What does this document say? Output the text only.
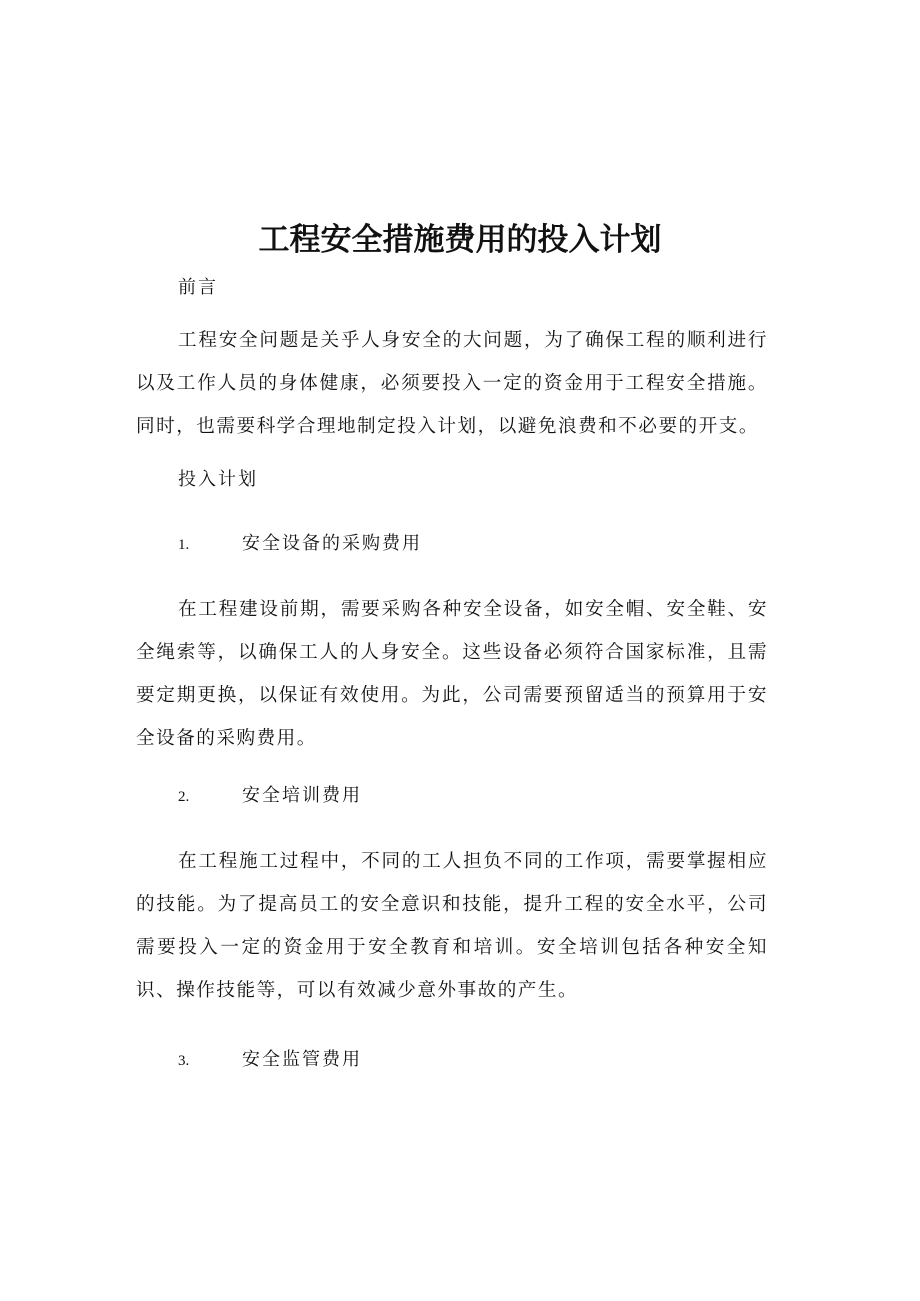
工程安全措施费用的投入计划

前言

工程安全问题是关乎人身安全的大问题，为了确保工程的顺利进行以及工作人员的身体健康，必须要投入一定的资金用于工程安全措施。同时，也需要科学合理地制定投入计划，以避免浪费和不必要的开支。

投入计划

1.	安全设备的采购费用

在工程建设前期，需要采购各种安全设备，如安全帽、安全鞋、安全绳索等，以确保工人的人身安全。这些设备必须符合国家标准，且需要定期更换，以保证有效使用。为此，公司需要预留适当的预算用于安全设备的采购费用。

2.	安全培训费用

在工程施工过程中，不同的工人担负不同的工作项，需要掌握相应的技能。为了提高员工的安全意识和技能，提升工程的安全水平，公司需要投入一定的资金用于安全教育和培训。安全培训包括各种安全知识、操作技能等，可以有效减少意外事故的产生。

3.	安全监管费用
